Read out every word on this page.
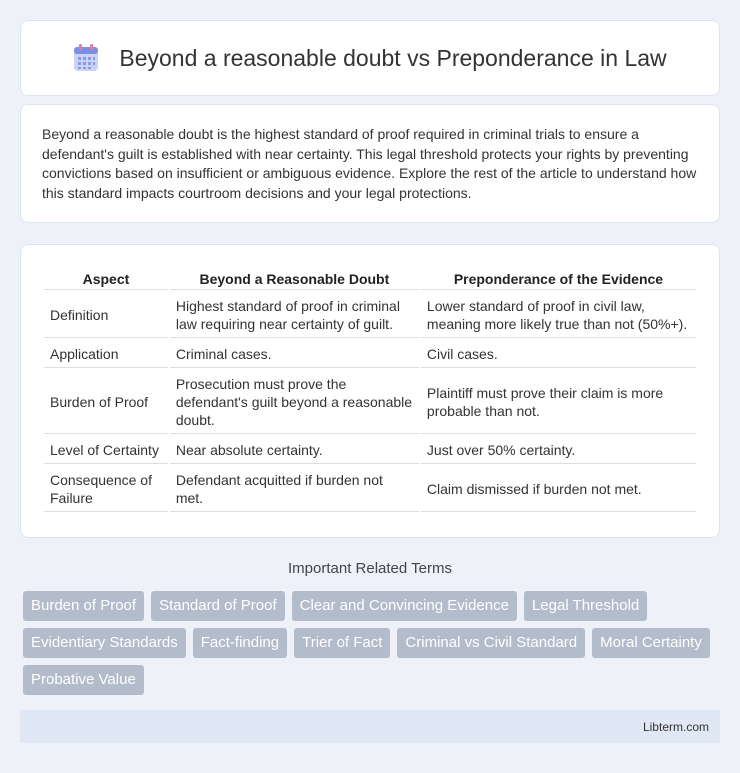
Beyond a reasonable doubt vs Preponderance in Law

Beyond a reasonable doubt is the highest standard of proof required in criminal trials to ensure a defendant's guilt is established with near certainty. This legal threshold protects your rights by preventing convictions based on insufficient or ambiguous evidence. Explore the rest of the article to understand how this standard impacts courtroom decisions and your legal protections.

Aspect	Beyond a Reasonable Doubt	Preponderance of the Evidence
Definition	Highest standard of proof in criminal law requiring near certainty of guilt.	Lower standard of proof in civil law, meaning more likely true than not (50%+).
Application	Criminal cases.	Civil cases.
Burden of Proof	Prosecution must prove the defendant's guilt beyond a reasonable doubt.	Plaintiff must prove their claim is more probable than not.
Level of Certainty	Near absolute certainty.	Just over 50% certainty.
Consequence of Failure	Defendant acquitted if burden not met.	Claim dismissed if burden not met.
Important Related Terms
Burden of Proof	Standard of Proof	Clear and Convincing Evidence	Legal Threshold
Evidentiary Standards	Fact-finding	Trier of Fact	Criminal vs Civil Standard	Moral Certainty
Probative Value
Libterm.com
